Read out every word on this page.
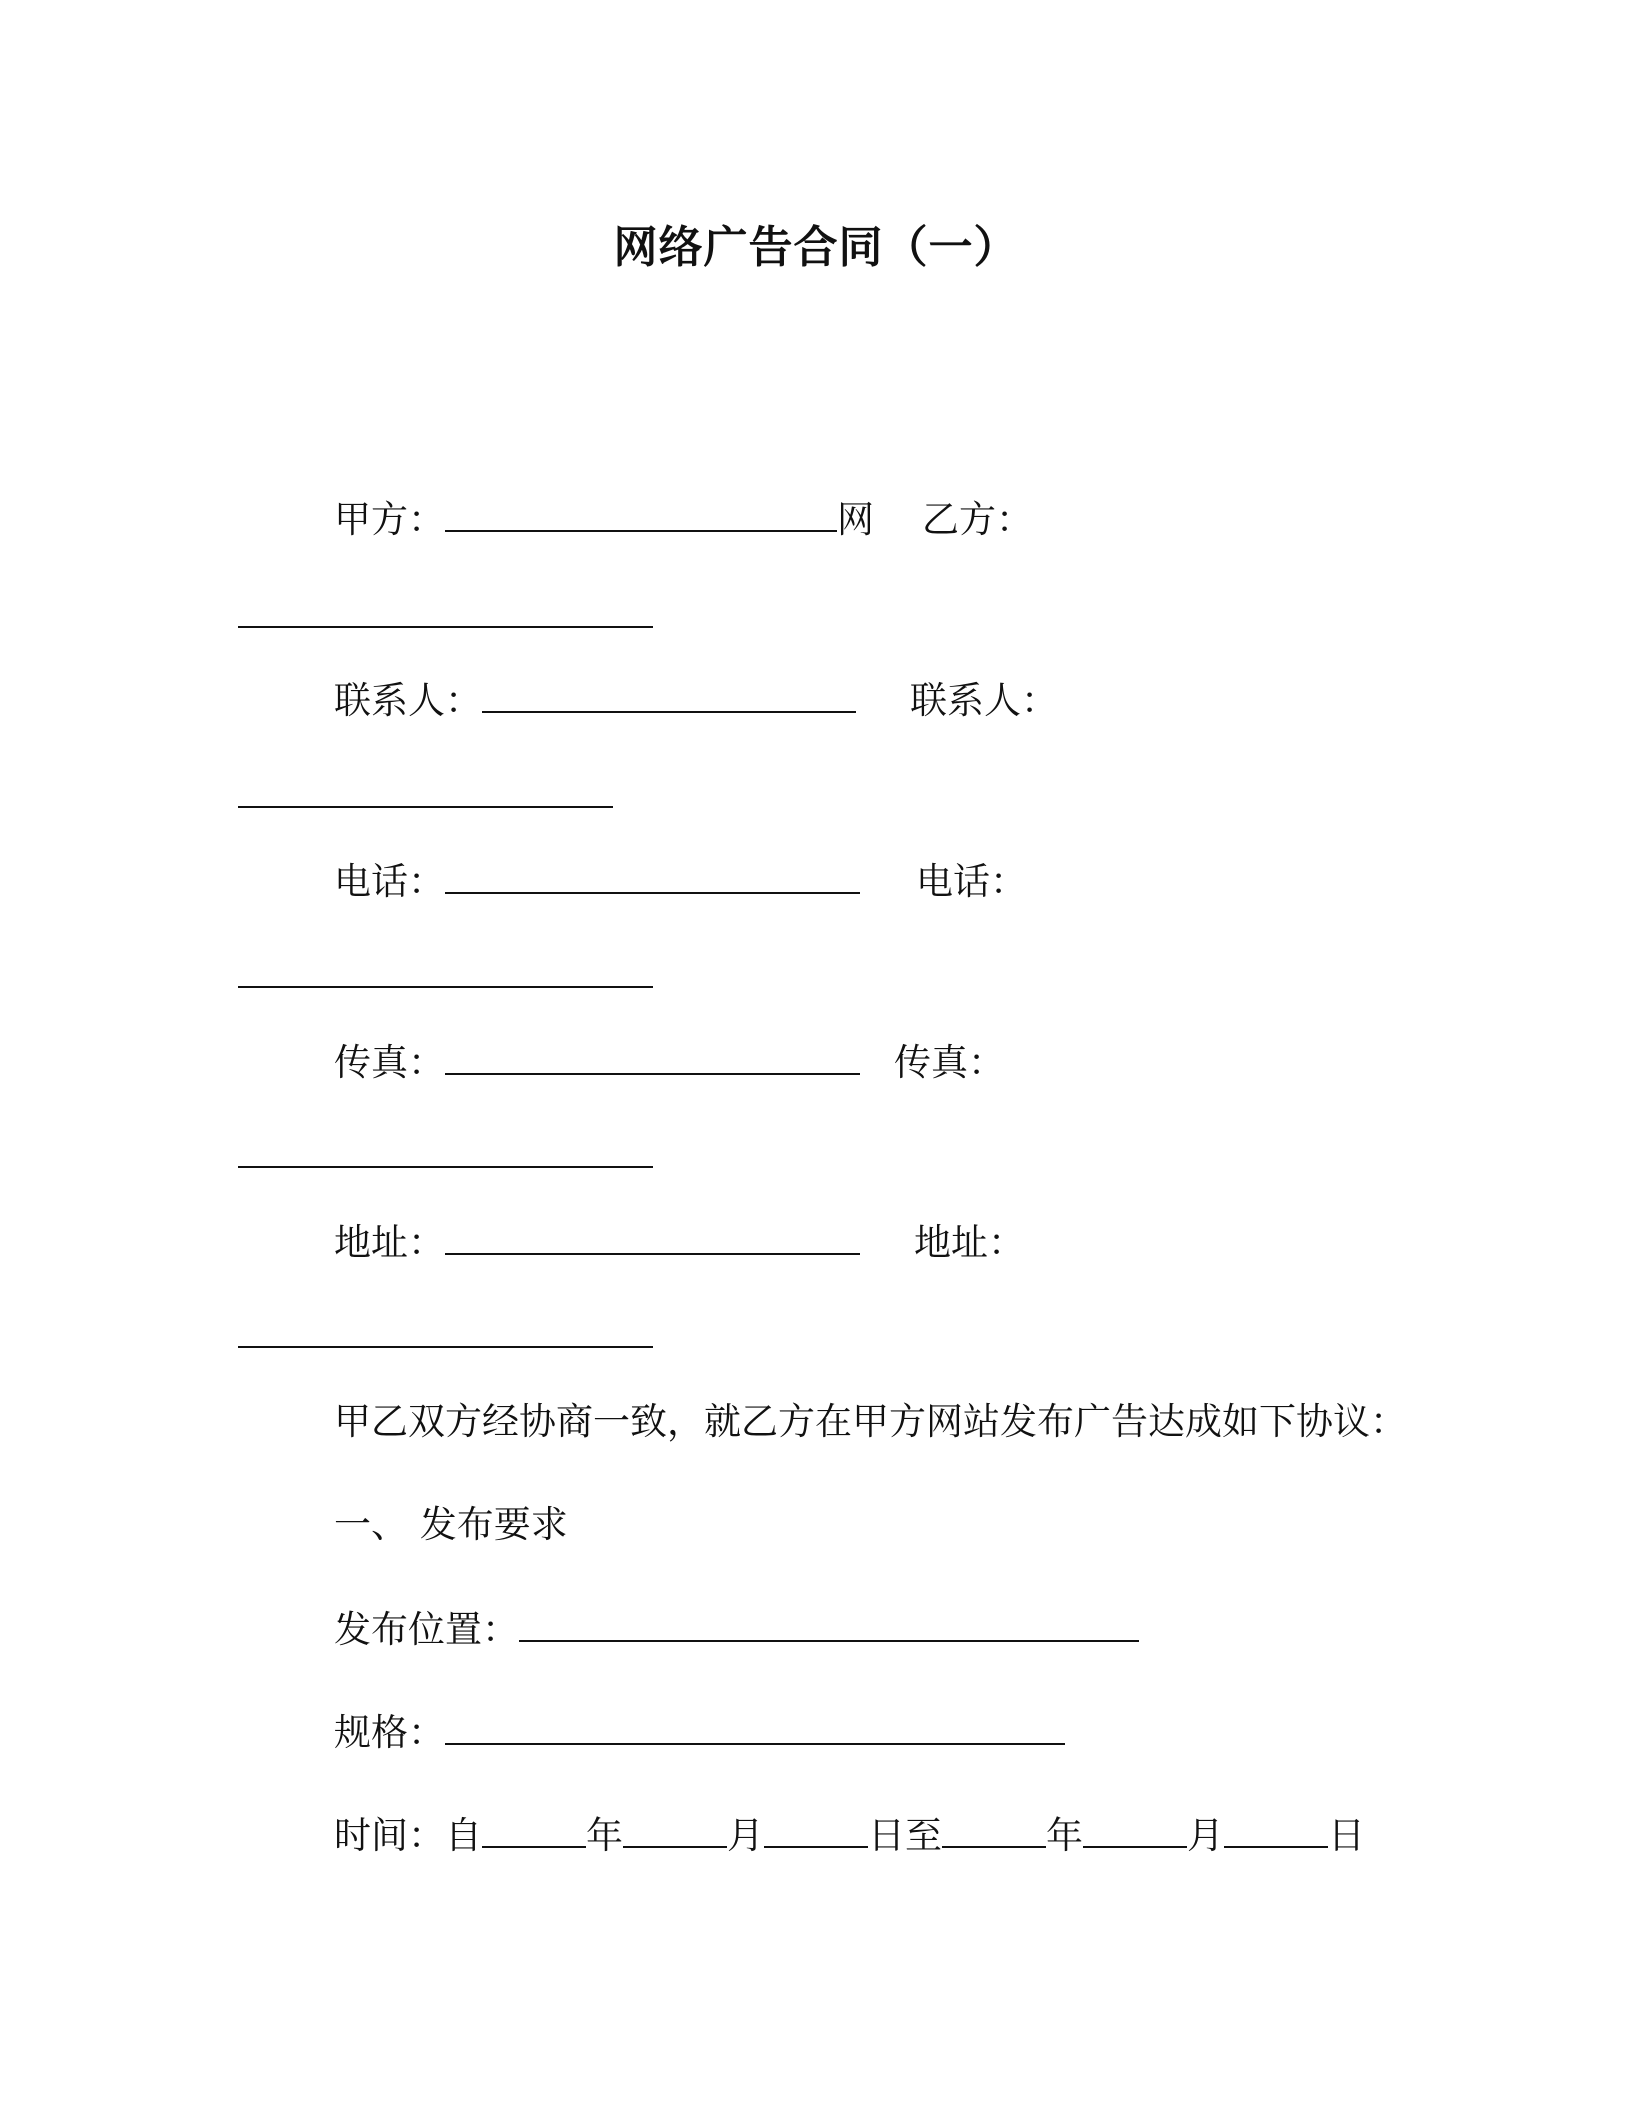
网络广告合同（一）
甲方：	网 乙方：
联系人：	联系人：
电话：	电话：
传真：	传真：
地址：	地址：
甲乙双方经协商一致，就乙方在甲方网站发布广告达成如下协议：
一、 发布要求
发布位置：
规格：
时间：自	年	月	日至	年	月	日
